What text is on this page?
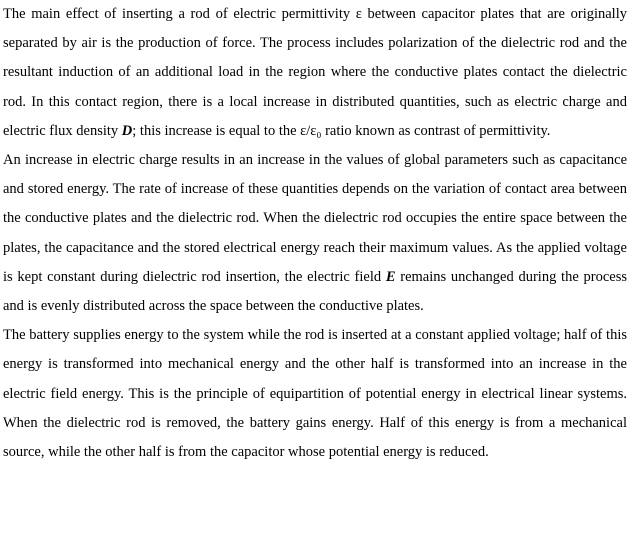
The main effect of inserting a rod of electric permittivity ε between capacitor plates that are originally separated by air is the production of force. The process includes polarization of the dielectric rod and the resultant induction of an additional load in the region where the conductive plates contact the dielectric rod. In this contact region, there is a local increase in distributed quantities, such as electric charge and electric flux density D; this increase is equal to the ε/ε₀ ratio known as contrast of permittivity.

An increase in electric charge results in an increase in the values of global parameters such as capacitance and stored energy. The rate of increase of these quantities depends on the variation of contact area between the conductive plates and the dielectric rod. When the dielectric rod occupies the entire space between the plates, the capacitance and the stored electrical energy reach their maximum values. As the applied voltage is kept constant during dielectric rod insertion, the electric field E remains unchanged during the process and is evenly distributed across the space between the conductive plates.

The battery supplies energy to the system while the rod is inserted at a constant applied voltage; half of this energy is transformed into mechanical energy and the other half is transformed into an increase in the electric field energy. This is the principle of equipartition of potential energy in electrical linear systems. When the dielectric rod is removed, the battery gains energy. Half of this energy is from a mechanical source, while the other half is from the capacitor whose potential energy is reduced.
